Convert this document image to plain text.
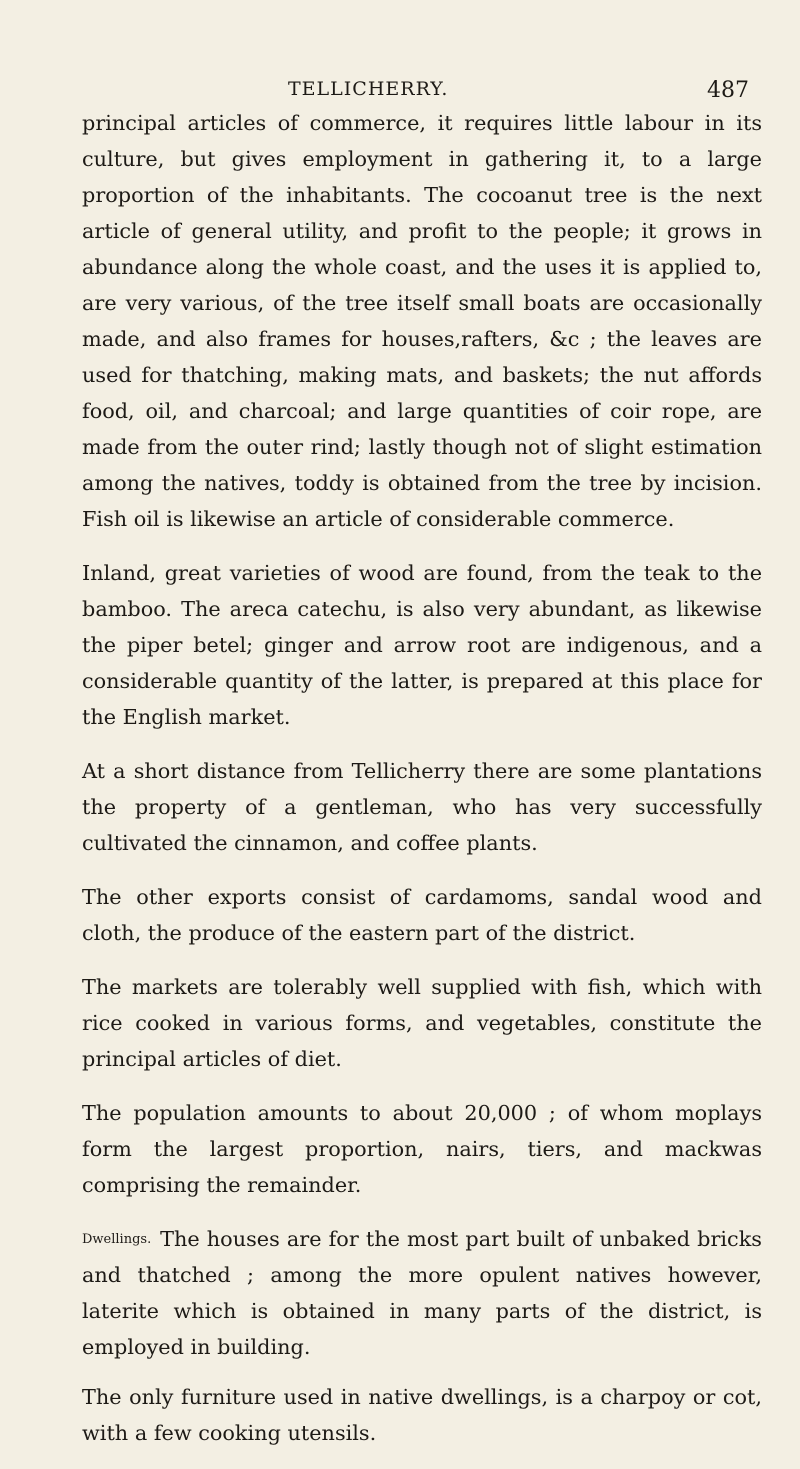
TELLICHERRY.	487

principal articles of commerce, it requires little labour in its culture, but gives employment in gathering it, to a large proportion of the inhabitants. The cocoanut tree is the next article of general utility, and profit to the people; it grows in abundance along the whole coast, and the uses it is applied to, are very various, of the tree itself small boats are occasionally made, and also frames for houses,rafters, &c ; the leaves are used for thatching, making mats, and baskets; the nut affords food, oil, and charcoal; and large quantities of coir rope, are made from the outer rind; lastly though not of slight estimation among the natives, toddy is obtained from the tree by incision. Fish oil is likewise an article of considerable commerce.

Inland, great varieties of wood are found, from the teak to the bamboo. The areca catechu, is also very abundant, as likewise the piper betel; ginger and arrow root are indigenous, and a considerable quantity of the latter, is prepared at this place for the English market.

At a short distance from Tellicherry there are some plantations the property of a gentleman, who has very successfully cultivated the cinnamon, and coffee plants.

The other exports consist of cardamoms, sandal wood and cloth, the produce of the eastern part of the district.

The markets are tolerably well supplied with fish, which with rice cooked in various forms, and vegetables, constitute the principal articles of diet.

The population amounts to about 20,000 ; of whom moplays form the largest proportion, nairs, tiers, and mackwas comprising the remainder.

Dwellings. The houses are for the most part built of unbaked bricks and thatched ; among the more opulent natives however, laterite which is obtained in many parts of the district, is employed in building.

The only furniture used in native dwellings, is a charpoy or cot, with a few cooking utensils.
